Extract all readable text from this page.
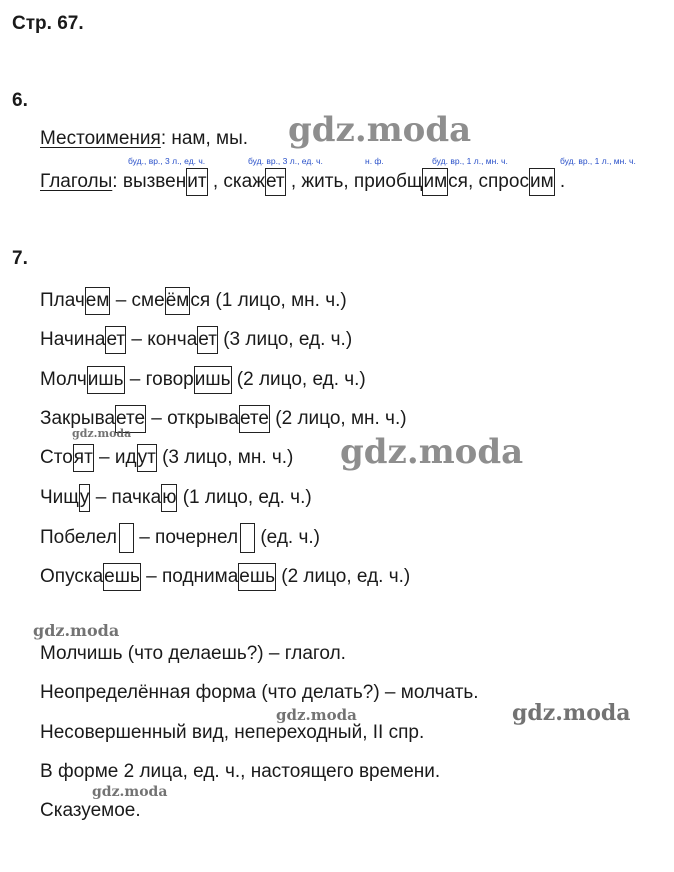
Стр. 67.
6.
Местоимения: нам, мы.
буд., вр., 3 л., ед. ч.	буд. вр., 3 л., ед. ч.	н. ф.	буд. вр., 1 л., мн. ч.	буд. вр., 1 л., мн. ч.
Глаголы: вызвенит , скажет , жить, приобщимся, спросим .
7.
Плачем – смеёмся (1 лицо, мн. ч.)
Начинает – кончает (3 лицо, ед. ч.)
Молчишь – говоришь (2 лицо, ед. ч.)
Закрываете – открываете (2 лицо, мн. ч.)
Стоят – идут (3 лицо, мн. ч.)
Чищу – пачкаю (1 лицо, ед. ч.)
Побелел – почернел (ед. ч.)
Опускаешь – поднимаешь (2 лицо, ед. ч.)
Молчишь (что делаешь?) – глагол.
Неопределённая форма (что делать?) – молчать.
Несовершенный вид, непереходный, II спр.
В форме 2 лица, ед. ч., настоящего времени.
Сказуемое.
gdz.moda
gdz.moda
gdz.moda
gdz.moda
gdz.moda	gdz.moda
gdz.moda
